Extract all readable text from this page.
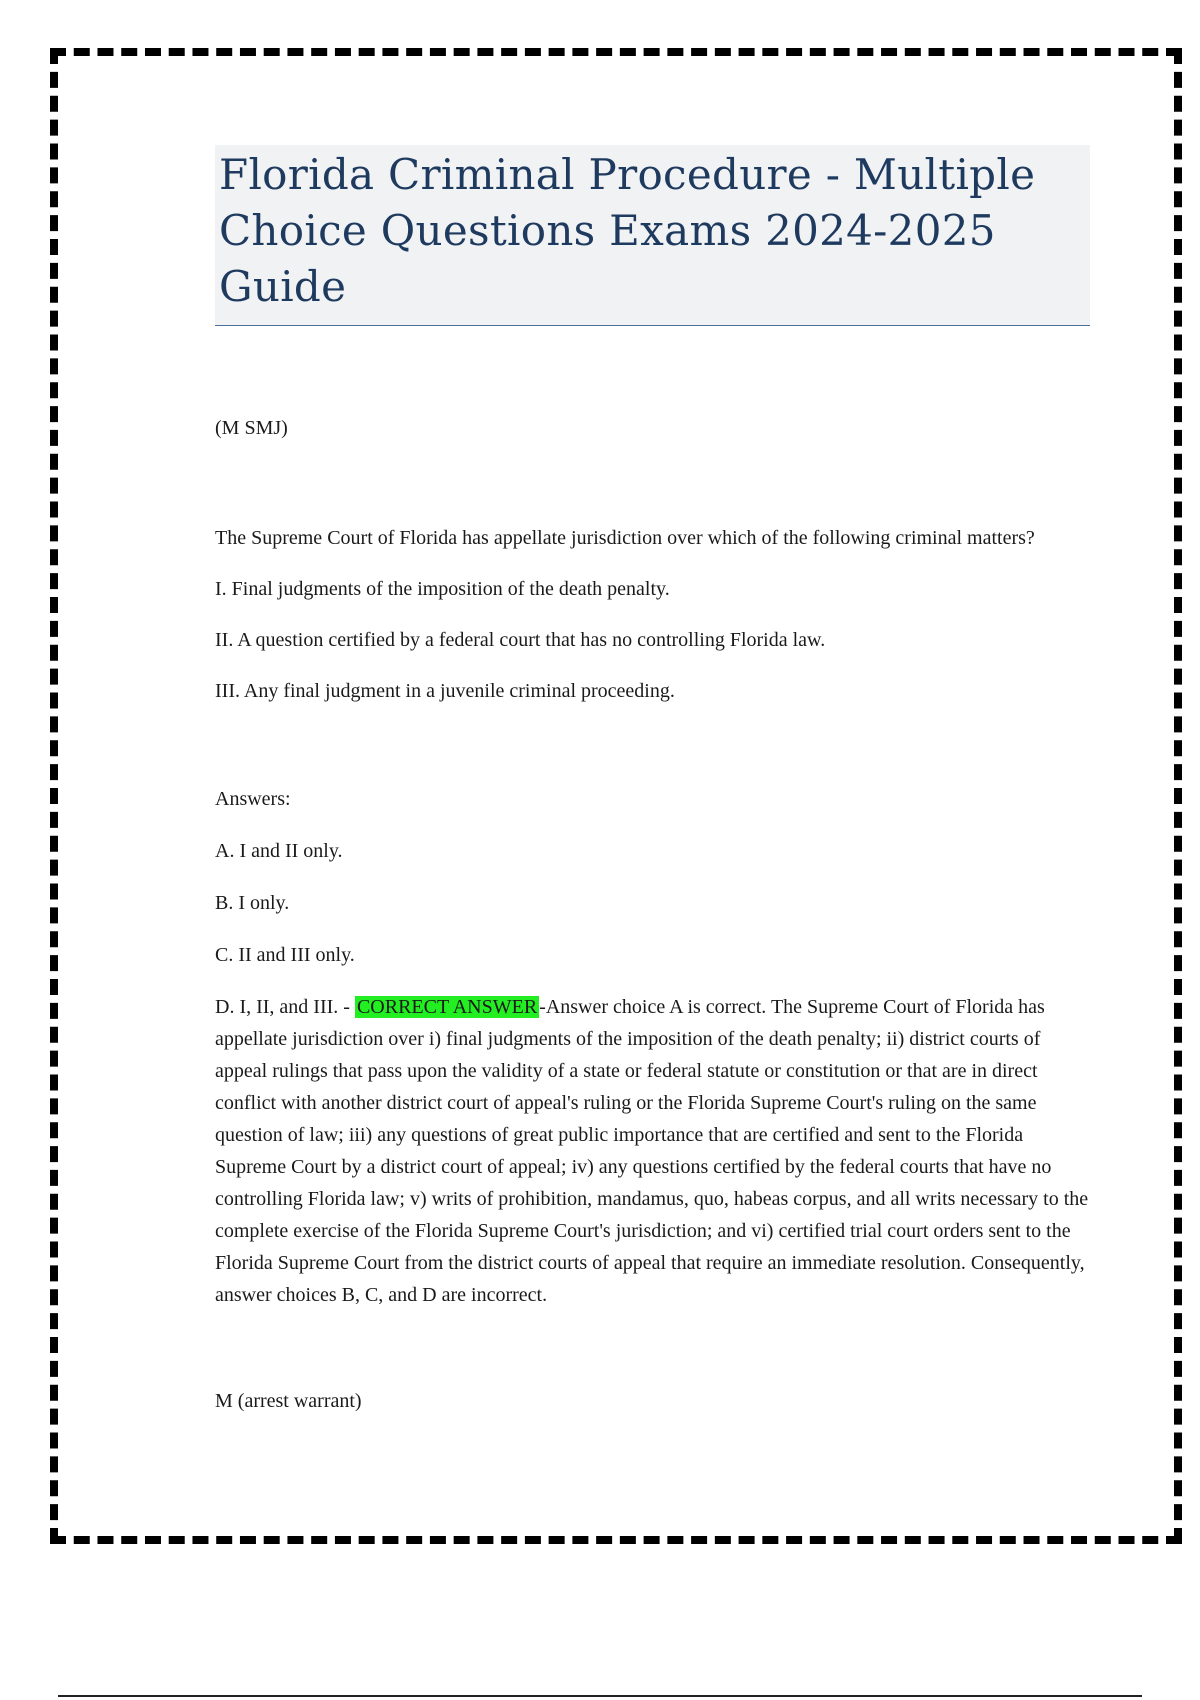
Florida Criminal Procedure - Multiple Choice Questions Exams 2024-2025 Guide

(M SMJ)

The Supreme Court of Florida has appellate jurisdiction over which of the following criminal matters?

I. Final judgments of the imposition of the death penalty.

II. A question certified by a federal court that has no controlling Florida law.

III. Any final judgment in a juvenile criminal proceeding.

Answers:

A. I and II only.

B. I only.

C. II and III only.

D. I, II, and III. - CORRECT ANSWER -Answer choice A is correct. The Supreme Court of Florida has appellate jurisdiction over i) final judgments of the imposition of the death penalty; ii) district courts of appeal rulings that pass upon the validity of a state or federal statute or constitution or that are in direct conflict with another district court of appeal's ruling or the Florida Supreme Court's ruling on the same question of law; iii) any questions of great public importance that are certified and sent to the Florida Supreme Court by a district court of appeal; iv) any questions certified by the federal courts that have no controlling Florida law; v) writs of prohibition, mandamus, quo, habeas corpus, and all writs necessary to the complete exercise of the Florida Supreme Court's jurisdiction; and vi) certified trial court orders sent to the Florida Supreme Court from the district courts of appeal that require an immediate resolution. Consequently, answer choices B, C, and D are incorrect.

M (arrest warrant)
